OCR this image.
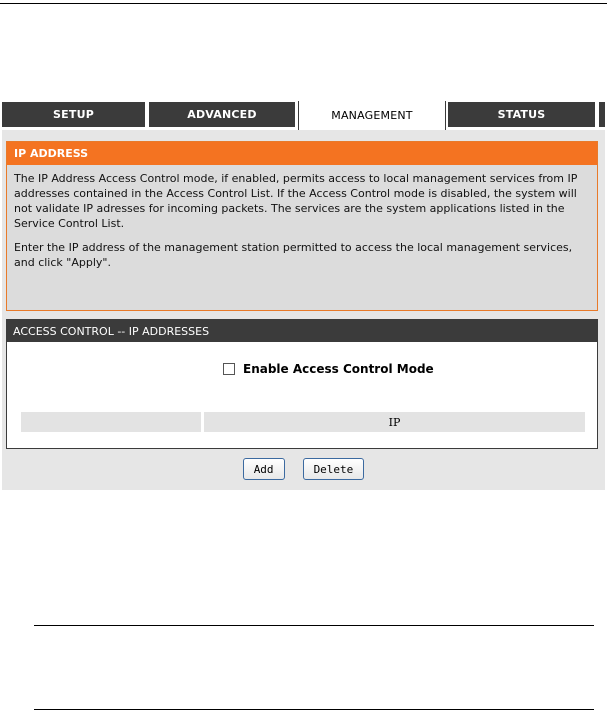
SETUP	ADVANCED	MANAGEMENT	STATUS
IP ADDRESS

The IP Address Access Control mode, if enabled, permits access to local management services from IP addresses contained in the Access Control List. If the Access Control mode is disabled, the system will not validate IP adresses for incoming packets. The services are the system applications listed in the Service Control List.

Enter the IP address of the management station permitted to access the local management services, and click "Apply".

ACCESS CONTROL -- IP ADDRESSES
Enable Access Control Mode
IP
Add	Delete
